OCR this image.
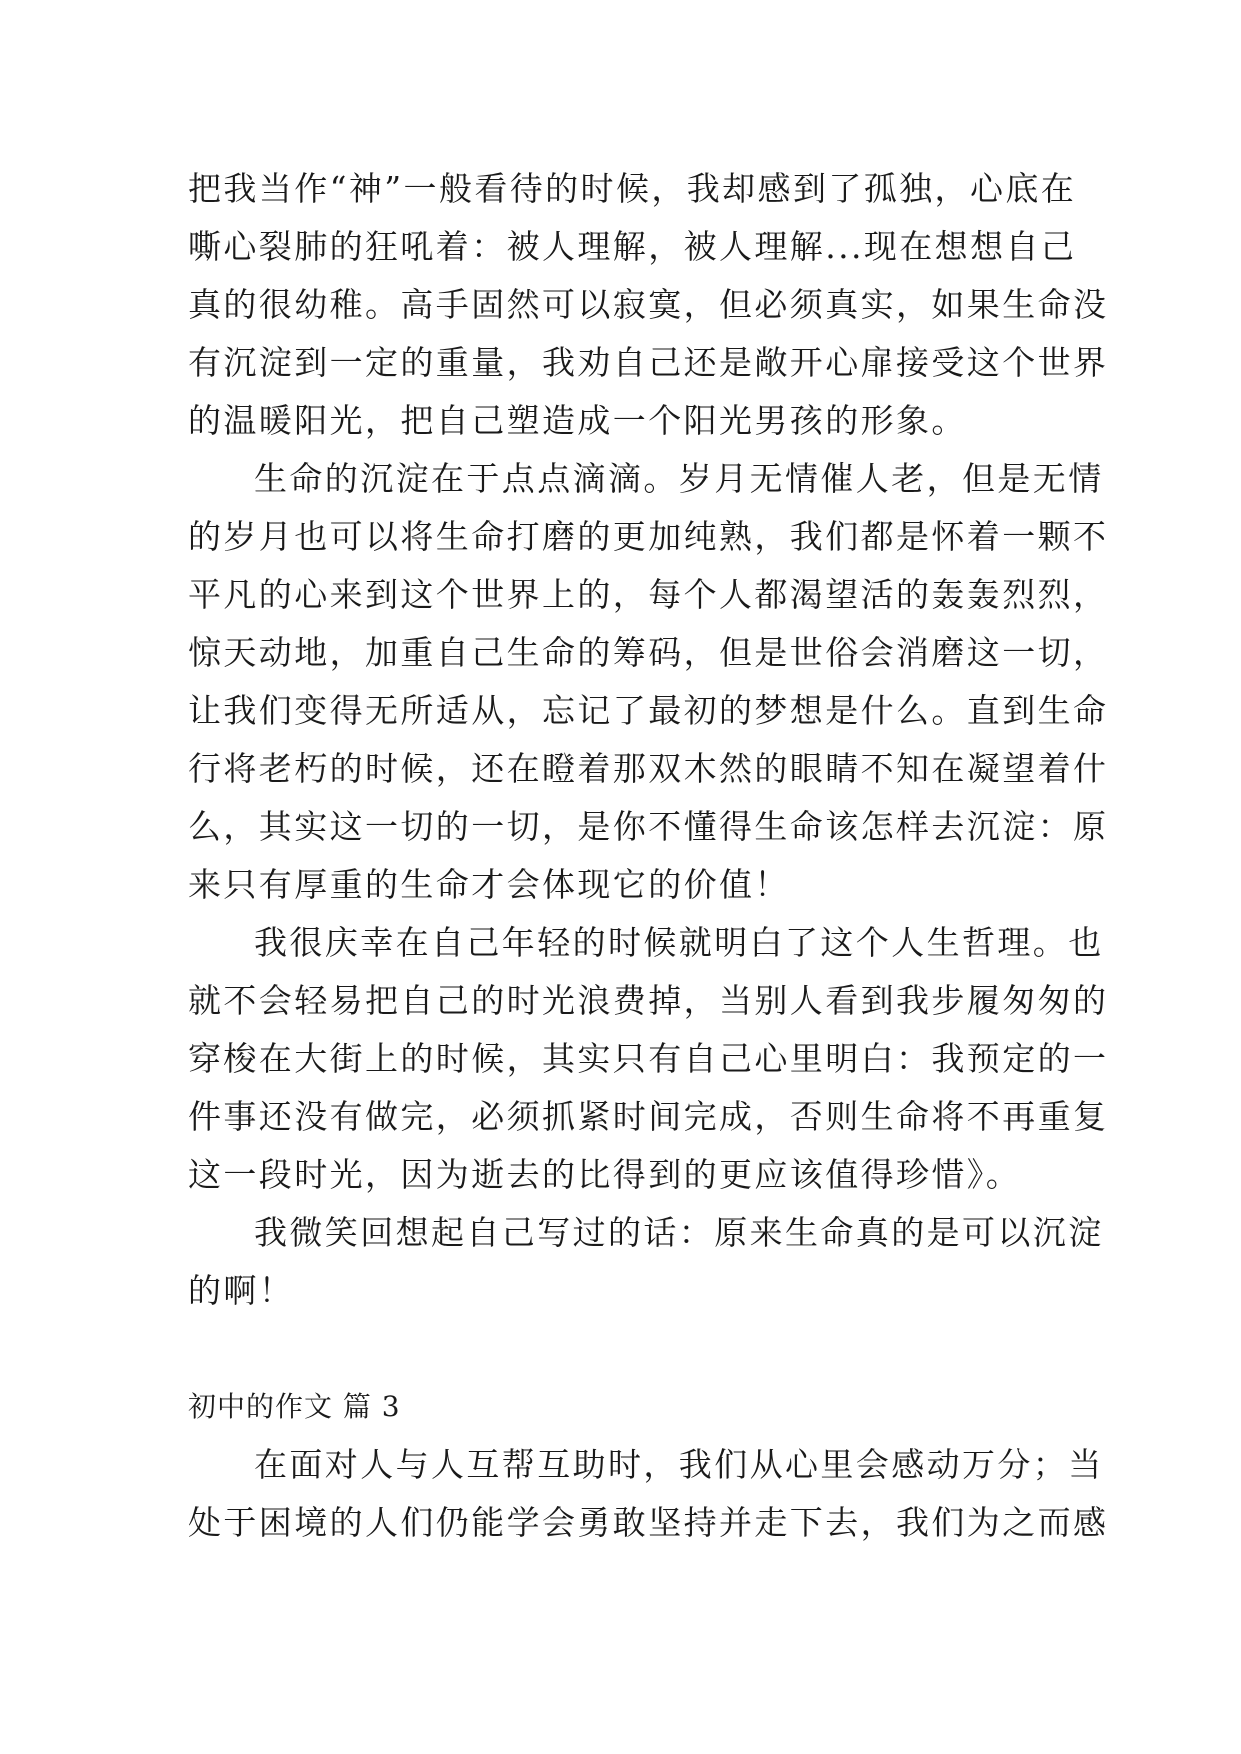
把我当作“神”一般看待的时候，我却感到了孤独，心底在
嘶心裂肺的狂吼着：被人理解，被人理解...现在想想自己
真的很幼稚。高手固然可以寂寞，但必须真实，如果生命没
有沉淀到一定的重量，我劝自己还是敞开心扉接受这个世界
的温暖阳光，把自己塑造成一个阳光男孩的形象。
生命的沉淀在于点点滴滴。岁月无情催人老，但是无情
的岁月也可以将生命打磨的更加纯熟，我们都是怀着一颗不
平凡的心来到这个世界上的，每个人都渴望活的轰轰烈烈，
惊天动地，加重自己生命的筹码，但是世俗会消磨这一切，
让我们变得无所适从，忘记了最初的梦想是什么。直到生命
行将老朽的时候，还在瞪着那双木然的眼睛不知在凝望着什
么，其实这一切的一切，是你不懂得生命该怎样去沉淀：原
来只有厚重的生命才会体现它的价值！
我很庆幸在自己年轻的时候就明白了这个人生哲理。也
就不会轻易把自己的时光浪费掉，当别人看到我步履匆匆的
穿梭在大街上的时候，其实只有自己心里明白：我预定的一
件事还没有做完，必须抓紧时间完成，否则生命将不再重复
这一段时光，因为逝去的比得到的更应该值得珍惜》。
我微笑回想起自己写过的话：原来生命真的是可以沉淀
的啊！
初中的作文 篇 3
在面对人与人互帮互助时，我们从心里会感动万分；当
处于困境的人们仍能学会勇敢坚持并走下去，我们为之而感
